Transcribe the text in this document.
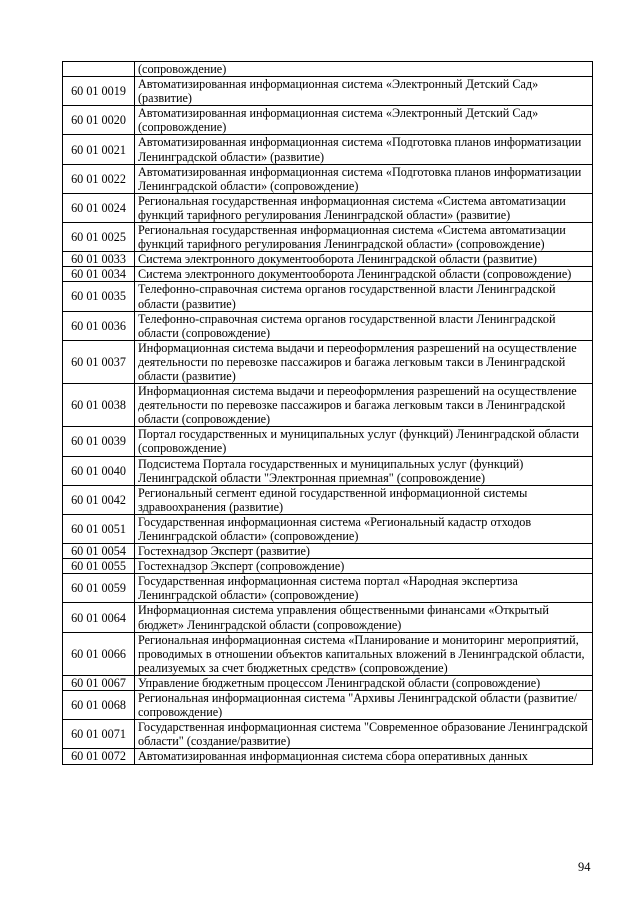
	(сопровождение)
60 01 0019	Автоматизированная информационная система «Электронный Детский Сад» (развитие)
60 01 0020	Автоматизированная информационная система «Электронный Детский Сад» (сопровождение)
60 01 0021	Автоматизированная информационная система «Подготовка планов информатизации Ленинградской области» (развитие)
60 01 0022	Автоматизированная информационная система «Подготовка планов информатизации Ленинградской области» (сопровождение)
60 01 0024	Региональная государственная информационная система «Система автоматизации функций тарифного регулирования Ленинградской области» (развитие)
60 01 0025	Региональная государственная информационная система «Система автоматизации функций тарифного регулирования Ленинградской области» (сопровождение)
60 01 0033	Система электронного документооборота Ленинградской области (развитие)
60 01 0034	Система электронного документооборота Ленинградской области (сопровождение)
60 01 0035	Телефонно-справочная система органов государственной власти Ленинградской области (развитие)
60 01 0036	Телефонно-справочная система органов государственной власти Ленинградской области (сопровождение)
60 01 0037	Информационная система выдачи и переоформления разрешений на осуществление деятельности по перевозке пассажиров и багажа легковым такси в Ленинградской области (развитие)
60 01 0038	Информационная система выдачи и переоформления разрешений на осуществление деятельности по перевозке пассажиров и багажа легковым такси в Ленинградской области (сопровождение)
60 01 0039	Портал государственных и муниципальных услуг (функций) Ленинградской области (сопровождение)
60 01 0040	Подсистема Портала государственных и муниципальных услуг (функций) Ленинградской области "Электронная приемная" (сопровождение)
60 01 0042	Региональный сегмент единой государственной информационной системы здравоохранения (развитие)
60 01 0051	Государственная информационная система «Региональный кадастр отходов Ленинградской области» (сопровождение)
60 01 0054	Гостехнадзор Эксперт (развитие)
60 01 0055	Гостехнадзор Эксперт (сопровождение)
60 01 0059	Государственная информационная система портал «Народная экспертиза Ленинградской области» (сопровождение)
60 01 0064	Информационная система управления общественными финансами «Открытый бюджет» Ленинградской области (сопровождение)
60 01 0066	Региональная информационная система «Планирование и мониторинг мероприятий, проводимых в отношении объектов капитальных вложений в Ленинградской области, реализуемых за счет бюджетных средств» (сопровождение)
60 01 0067	Управление бюджетным процессом Ленинградской области (сопровождение)
60 01 0068	Региональная информационная система "Архивы Ленинградской области (развитие/сопровождение)
60 01 0071	Государственная информационная система "Современное образование Ленинградской области" (создание/развитие)
60 01 0072	Автоматизированная информационная система сбора оперативных данных
94
